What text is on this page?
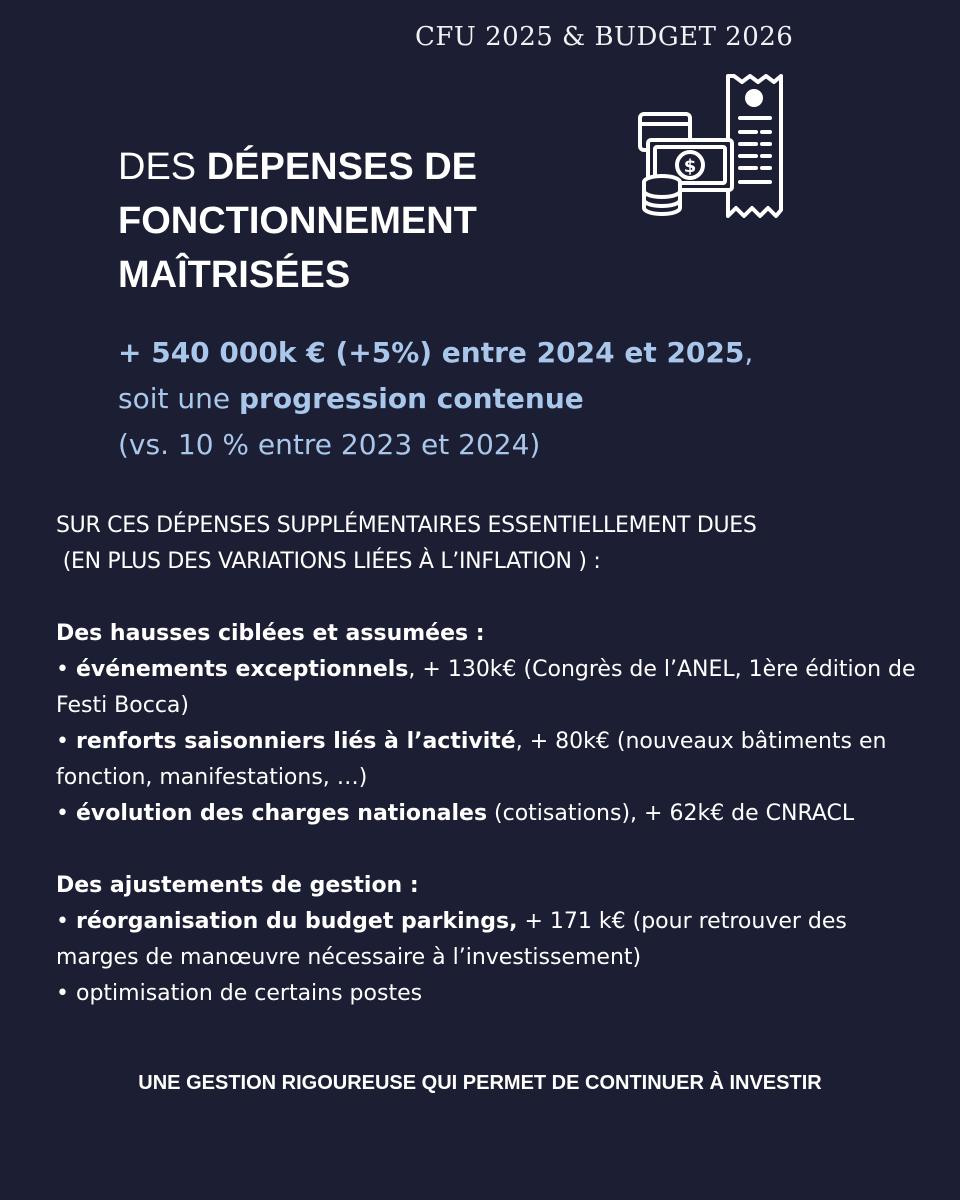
CFU 2025 & BUDGET 2026
$
DES DÉPENSES DE
FONCTIONNEMENT
MAÎTRISÉES
+ 540 000k € (+5%) entre 2024 et 2025,
soit une progression contenue
(vs. 10 % entre 2023 et 2024)

SUR CES DÉPENSES SUPPLÉMENTAIRES ESSENTIELLEMENT DUES

(EN PLUS DES VARIATIONS LIÉES À L’INFLATION ) :

Des hausses ciblées et assumées :

• événements exceptionnels, + 130k€ (Congrès de l’ANEL, 1ère édition de Festi Bocca)

• renforts saisonniers liés à l’activité, + 80k€ (nouveaux bâtiments en fonction, manifestations, …)

• évolution des charges nationales (cotisations), + 62k€ de CNRACL

Des ajustements de gestion :

• réorganisation du budget parkings, + 171 k€ (pour retrouver des marges de manœuvre nécessaire à l’investissement)

• optimisation de certains postes

UNE GESTION RIGOUREUSE QUI PERMET DE CONTINUER À INVESTIR
